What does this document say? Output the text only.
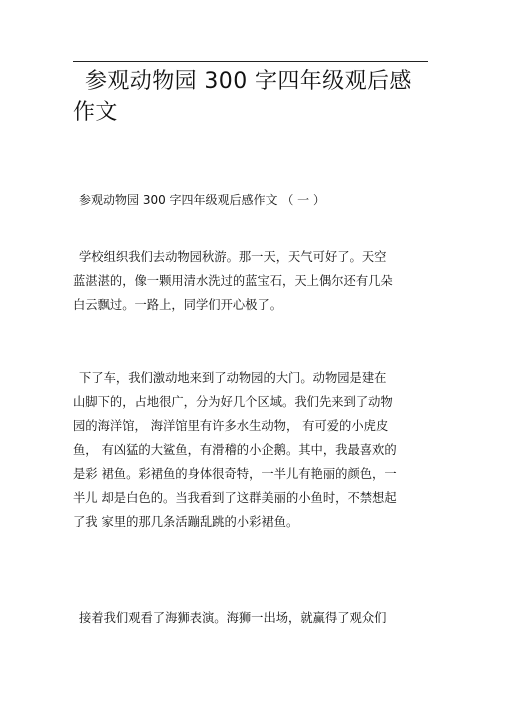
参观动物园 300 字四年级观后感
作文

参观动物园 300 字四年级观后感作文 （ 一 ）

学校组织我们去动物园秋游。那一天，天气可好了。天空
蓝湛湛的，像一颗用清水洗过的蓝宝石，天上偶尔还有几朵
白云飘过。一路上，同学们开心极了。

下了车，我们激动地来到了动物园的大门。动物园是建在
山脚下的，占地很广，分为好几个区域。我们先来到了动物
园的海洋馆， 海洋馆里有许多水生动物， 有可爱的小虎皮
鱼， 有凶猛的大鲨鱼，有滑稽的小企鹅。其中，我最喜欢的
是彩 裙鱼。彩裙鱼的身体很奇特，一半儿有艳丽的颜色，一
半儿 却是白色的。当我看到了这群美丽的小鱼时，不禁想起
了我 家里的那几条活蹦乱跳的小彩裙鱼。

接着我们观看了海狮表演。海狮一出场，就赢得了观众们
